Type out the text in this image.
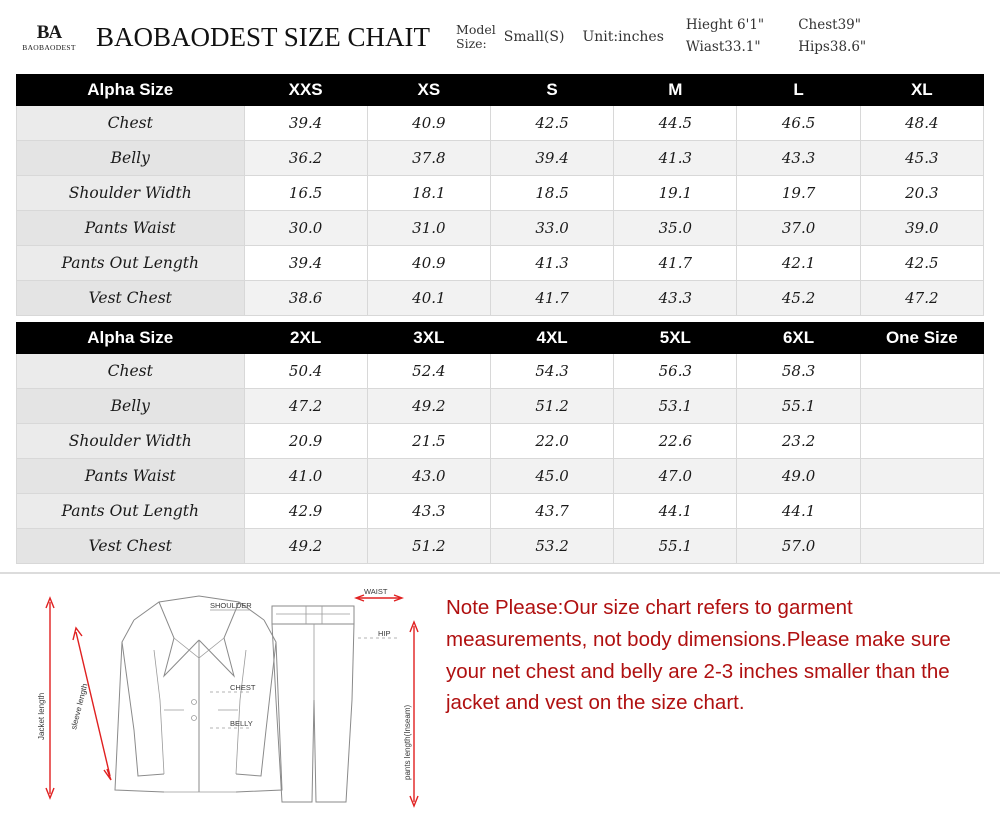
BA
BAOBAODEST BAOBAODEST SIZE CHAIT Model
Size:	Small(S) Unit:inches
Hieght 6'1"	Chest39"
Wiast33.1"	Hips38.6"
Alpha Size	XXS	XS	S	M	L	XL
Chest	39.4	40.9	42.5	44.5	46.5	48.4
Belly	36.2	37.8	39.4	41.3	43.3	45.3
Shoulder Width	16.5	18.1	18.5	19.1	19.7	20.3
Pants Waist	30.0	31.0	33.0	35.0	37.0	39.0
Pants Out Length	39.4	40.9	41.3	41.7	42.1	42.5
Vest Chest	38.6	40.1	41.7	43.3	45.2	47.2
Alpha Size	2XL	3XL	4XL	5XL	6XL	One Size
Chest	50.4	52.4	54.3	56.3	58.3	
Belly	47.2	49.2	51.2	53.1	55.1	
Shoulder Width	20.9	21.5	22.0	22.6	23.2	
Pants Waist	41.0	43.0	45.0	47.0	49.0	
Pants Out Length	42.9	43.3	43.7	44.1	44.1	
Vest Chest	49.2	51.2	53.2	55.1	57.0	
Jacket length	sleeve length
SHOULDER
CHEST
BELLY
WAIST
HIP
pants length(Inseam)
Note Please:Our size chart refers to garment measurements, not body dimensions.Please make sure your net chest and belly are 2-3 inches smaller than the jacket and vest on the size chart.
